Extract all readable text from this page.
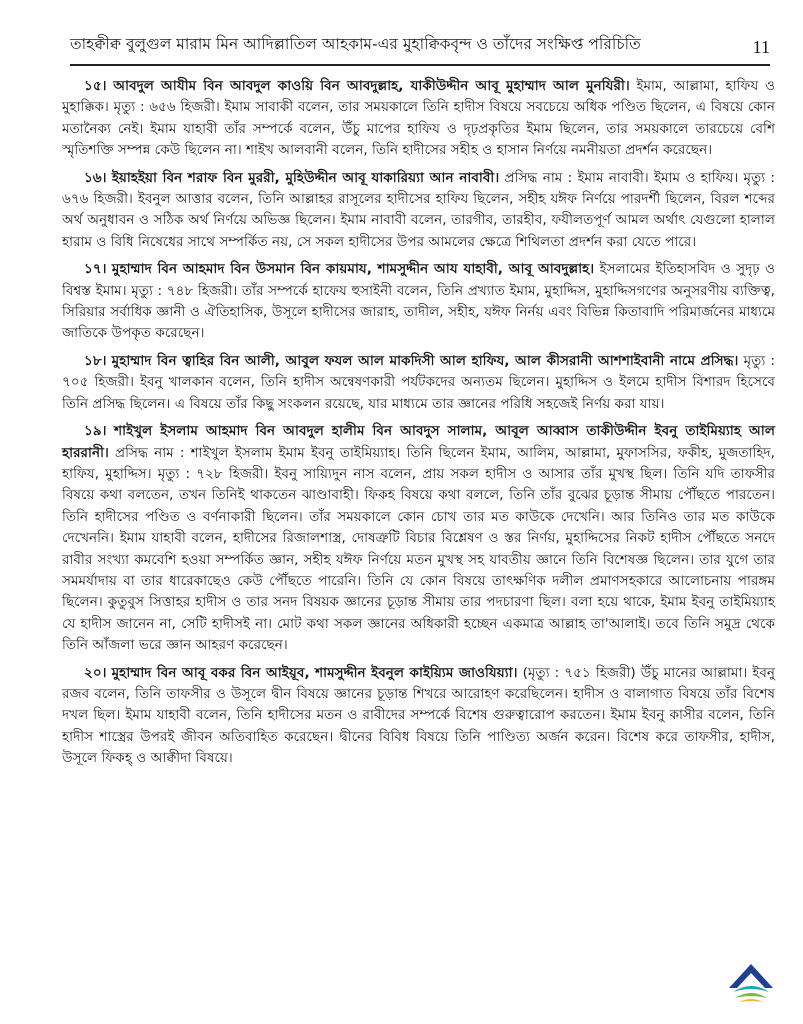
তাহক্বীক্ব বুলুগুল মারাম মিন আদিল্লাতিল আহকাম-এর মুহাক্বিকবৃন্দ ও তাঁদের সংক্ষিপ্ত পরিচিতি	11

১৫। আবদুল আযীম বিন আবদুল কাওয়ি বিন আবদুল্লাহ, যাকীউদ্দীন আবূ মুহাম্মাদ আল মুনযিরী। ইমাম, আল্লামা, হাফিয ও মুহাক্কিক। মৃত্যু : ৬৫৬ হিজরী। ইমাম সাবাকী বলেন, তার সময়কালে তিনি হাদীস বিষয়ে সবচেয়ে অধিক পণ্ডিত ছিলেন, এ বিষয়ে কোন মতানৈক্য নেই। ইমাম যাহাবী তাঁর সম্পর্কে বলেন, উঁচু মাপের হাফিয ও দৃঢ়প্রকৃতির ইমাম ছিলেন, তার সময়কালে তারচেয়ে বেশি স্মৃতিশক্তি সম্পন্ন কেউ ছিলেন না। শাইখ আলবানী বলেন, তিনি হাদীসের সহীহ ও হাসান নির্ণয়ে নমনীয়তা প্রদর্শন করেছেন।

১৬। ইয়াহইয়া বিন শরাফ বিন মুররী, মুহিউদ্দীন আবূ যাকারিয়্যা আন নাবাবী। প্রসিদ্ধ নাম : ইমাম নাবাবী। ইমাম ও হাফিয। মৃত্যু : ৬৭৬ হিজরী। ইবনুল আত্তার বলেন, তিনি আল্লাহর রাসূলের হাদীসের হাফিয ছিলেন, সহীহ যঈফ নির্ণয়ে পারদর্শী ছিলেন, বিরল শব্দের অর্থ অনুধাবন ও সঠিক অর্থ নির্ণয়ে অভিজ্ঞ ছিলেন। ইমাম নাবাবী বলেন, তারগীব, তারহীব, ফযীলতপূর্ণ আমল অর্থাৎ যেগুলো হালাল হারাম ও বিধি নিষেধের সাথে সম্পর্কিত নয়, সে সকল হাদীসের উপর আমলের ক্ষেত্রে শিথিলতা প্রদর্শন করা যেতে পারে।

১৭। মুহাম্মাদ বিন আহমাদ বিন উসমান বিন কায়মায, শামসুদ্দীন আয যাহাবী, আবূ আবদুল্লাহ। ইসলামের ইতিহাসবিদ ও সুদৃঢ় ও বিশ্বস্ত ইমাম। মৃত্যু : ৭৪৮ হিজরী। তাঁর সম্পর্কে হাফেয হুসাইনী বলেন, তিনি প্রখ্যাত ইমাম, মুহাদ্দিস, মুহাদ্দিসগণের অনুসরণীয় ব্যক্তিত্ব, সিরিয়ার সর্বাধিক জ্ঞানী ও ঐতিহাসিক, উসূলে হাদীসের জারাহ, তাদীল, সহীহ, যঈফ নির্নয় এবং বিভিন্ন কিতাবাদি পরিমার্জনের মাধ্যমে জাতিকে উপকৃত করেছেন।

১৮। মুহাম্মাদ বিন ত্বাহির বিন আলী, আবুল ফযল আল মাকদিসী আল হাফিয, আল কীসরানী আশশাইবানী নামে প্রসিদ্ধ। মৃত্যু : ৭০৫ হিজরী। ইবনু খালকান বলেন, তিনি হাদীস অন্বেষণকারী পর্যটকদের অন্যতম ছিলেন। মুহাদ্দিস ও ইলমে হাদীস বিশারদ হিসেবে তিনি প্রসিদ্ধ ছিলেন। এ বিষয়ে তাঁর কিছু সংকলন রয়েছে, যার মাধ্যমে তার জ্ঞানের পরিধি সহজেই নির্ণয় করা যায়।

১৯। শাইখুল ইসলাম আহমাদ বিন আবদুল হালীম বিন আবদুস সালাম, আবূল আব্বাস তাকীউদ্দীন ইবনু তাইমিয়্যাহ আল হাররানী। প্রসিদ্ধ নাম : শাইখুল ইসলাম ইমাম ইবনু তাইমিয়্যাহ। তিনি ছিলেন ইমাম, আলিম, আল্লামা, মুফাসসির, ফকীহ, মুজতাহিদ, হাফিয, মুহাদ্দিস। মৃত্যু : ৭২৮ হিজরী। ইবনু সায়্যিদুন নাস বলেন, প্রায় সকল হাদীস ও আসার তাঁর মুখস্থ ছিল। তিনি যদি তাফসীর বিষয়ে কথা বলতেন, তখন তিনিই থাকতেন ঝাণ্ডাবাহী। ফিকহ বিষয়ে কথা বললে, তিনি তাঁর বুঝের চূড়ান্ত সীমায় পৌঁছতে পারতেন। তিনি হাদীসের পণ্ডিত ও বর্ণনাকারী ছিলেন। তাঁর সময়কালে কোন চোখ তার মত কাউকে দেখেনি। আর তিনিও তার মত কাউকে দেখেননি। ইমাম যাহাবী বলেন, হাদীসের রিজালশাস্ত্র, দোষত্রুটি বিচার বিশ্লেষণ ও স্তর নির্ণয়, মুহাদ্দিসের নিকট হাদীস পৌঁছতে সনদে রাবীর সংখ্যা কমবেশি হওয়া সম্পর্কিত জ্ঞান, সহীহ যঈফ নির্ণয়ে মতন মুখস্থ সহ যাবতীয় জ্ঞানে তিনি বিশেষজ্ঞ ছিলেন। তার যুগে তার সমমর্যাদায় বা তার ধারেকাছেও কেউ পৌঁছতে পারেনি। তিনি যে কোন বিষয়ে তাৎক্ষণিক দলীল প্রমাণসহকারে আলোচনায় পারঙ্গম ছিলেন। কুতুবুস সিত্তাহর হাদীস ও তার সনদ বিষয়ক জ্ঞানের চূড়ান্ত সীমায় তার পদচারণা ছিল। বলা হয়ে থাকে, ইমাম ইবনু তাইমিয়্যাহ যে হাদীস জানেন না, সেটি হাদীসই না। মোট কথা সকল জ্ঞানের অধিকারী হচ্ছেন একমাত্র আল্লাহ তা'আলাই। তবে তিনি সমুদ্র থেকে তিনি আঁজলা ভরে জ্ঞান আহরণ করেছেন।

২০। মুহাম্মাদ বিন আবূ বকর বিন আইয়ূব, শামসুদ্দীন ইবনুল কাইয়্যিম জাওযিয়্যা। (মৃত্যু : ৭৫১ হিজরী) উঁচু মানের আল্লামা। ইবনু রজব বলেন, তিনি তাফসীর ও উসূলে দ্বীন বিষয়ে জ্ঞানের চূড়ান্ত শিখরে আরোহণ করেছিলেন। হাদীস ও বালাগাত বিষয়ে তাঁর বিশেষ দখল ছিল। ইমাম যাহাবী বলেন, তিনি হাদীসের মতন ও রাবীদের সম্পর্কে বিশেষ গুরুত্বারোপ করতেন। ইমাম ইবনু কাসীর বলেন, তিনি হাদীস শাস্ত্রের উপরই জীবন অতিবাহিত করেছেন। দ্বীনের বিবিধ বিষয়ে তিনি পাণ্ডিত্য অর্জন করেন। বিশেষ করে তাফসীর, হাদীস, উসূলে ফিকহ্ ও আক্বীদা বিষয়ে।
